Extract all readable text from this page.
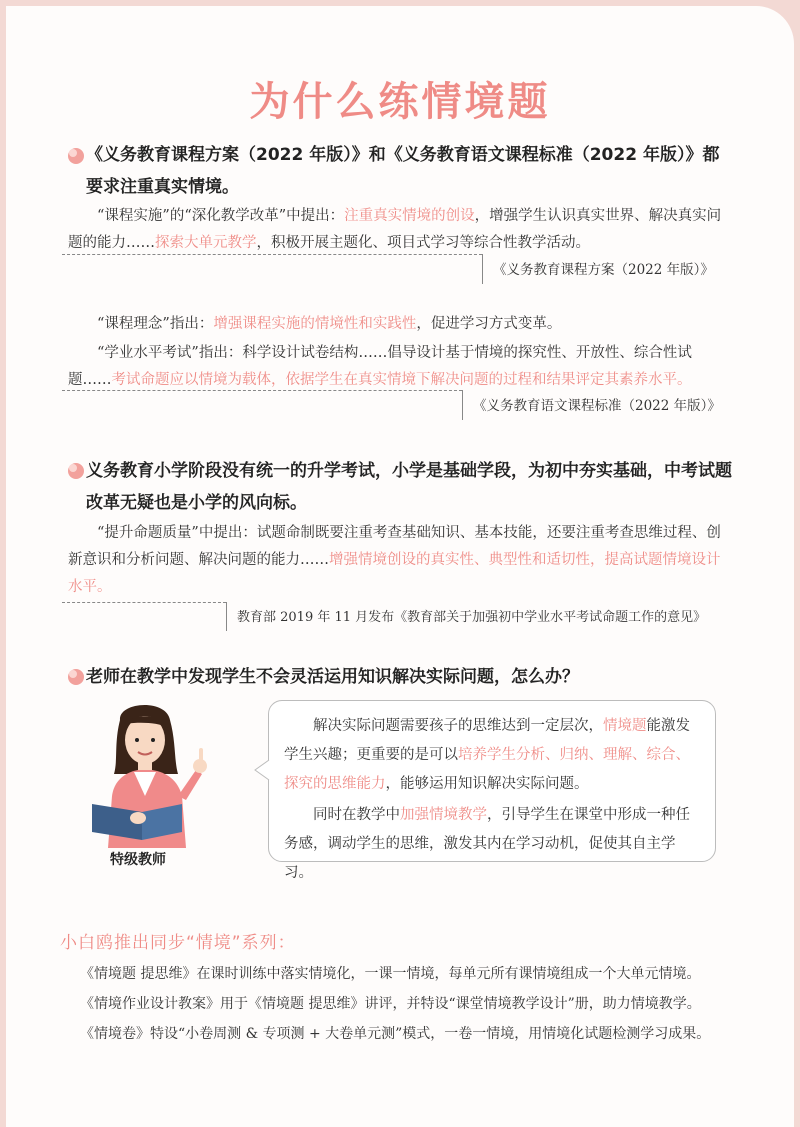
为什么练情境题
《义务教育课程方案（2022 年版）》和《义务教育语文课程标准（2022 年版）》都要求注重真实情境。
“课程实施”的“深化教学改革”中提出：注重真实情境的创设，增强学生认识真实世界、解决真实问题的能力……探索大单元教学，积极开展主题化、项目式学习等综合性教学活动。
《义务教育课程方案（2022 年版）》
“课程理念”指出：增强课程实施的情境性和实践性，促进学习方式变革。
“学业水平考试”指出：科学设计试卷结构……倡导设计基于情境的探究性、开放性、综合性试题……考试命题应以情境为载体，依据学生在真实情境下解决问题的过程和结果评定其素养水平。
《义务教育语文课程标准（2022 年版）》
义务教育小学阶段没有统一的升学考试，小学是基础学段，为初中夯实基础，中考试题改革无疑也是小学的风向标。
“提升命题质量”中提出：试题命制既要注重考查基础知识、基本技能，还要注重考查思维过程、创新意识和分析问题、解决问题的能力……增强情境创设的真实性、典型性和适切性，提高试题情境设计水平。
教育部 2019 年 11 月发布《教育部关于加强初中学业水平考试命题工作的意见》
老师在教学中发现学生不会灵活运用知识解决实际问题，怎么办？
特级教师
解决实际问题需要孩子的思维达到一定层次，情境题能激发学生兴趣；更重要的是可以培养学生分析、归纳、理解、综合、探究的思维能力，能够运用知识解决实际问题。
同时在教学中加强情境教学，引导学生在课堂中形成一种任务感，调动学生的思维，激发其内在学习动机，促使其自主学习。
小白鸥推出同步“情境”系列：
《情境题 提思维》在课时训练中落实情境化，一课一情境，每单元所有课情境组成一个大单元情境。
《情境作业设计教案》用于《情境题 提思维》讲评，并特设“课堂情境教学设计”册，助力情境教学。
《情境卷》特设“小卷周测 & 专项测 + 大卷单元测”模式，一卷一情境，用情境化试题检测学习成果。
